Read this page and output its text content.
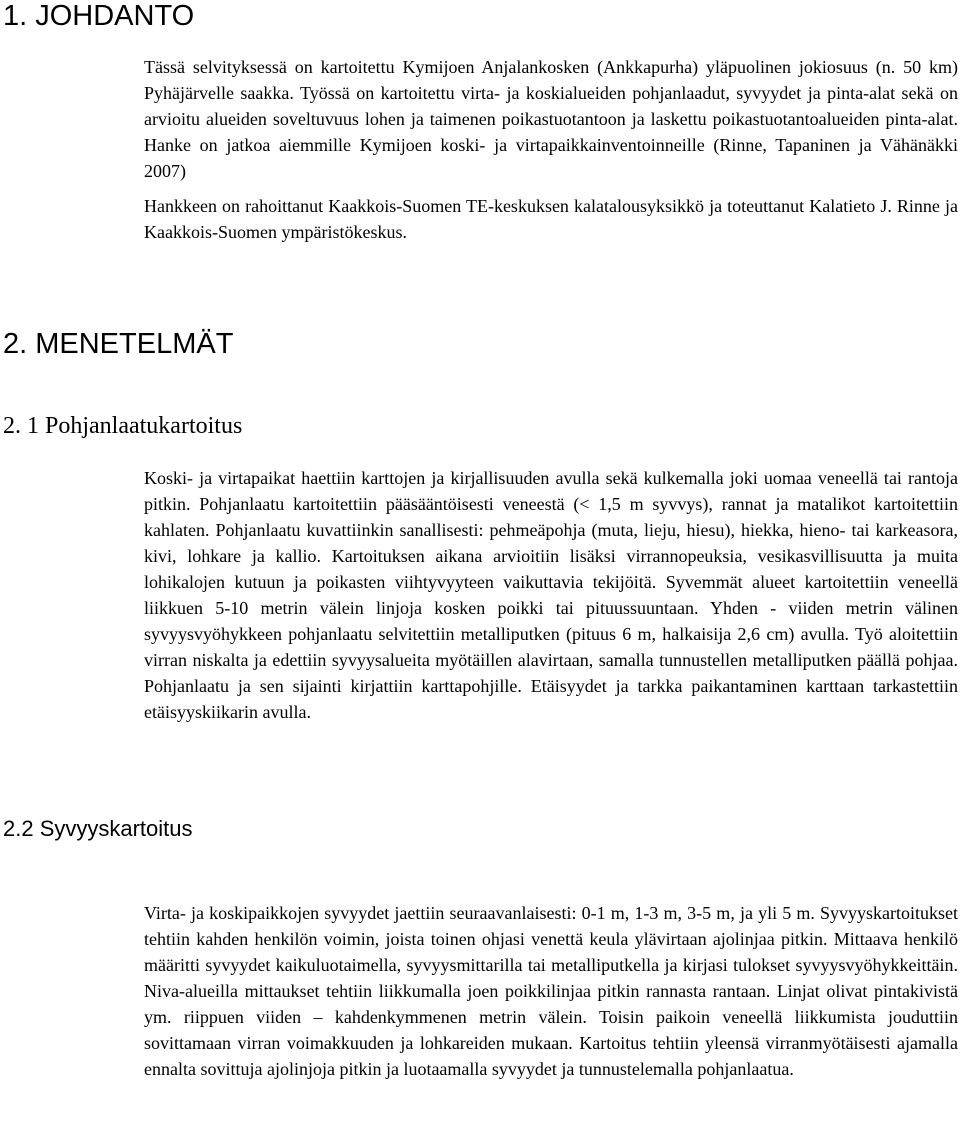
1. JOHDANTO

Tässä selvityksessä on kartoitettu Kymijoen Anjalankosken (Ankkapurha) yläpuolinen jokiosuus (n. 50 km) Pyhäjärvelle saakka. Työssä on kartoitettu virta- ja koskialueiden pohjanlaadut, syvyydet ja pinta-alat sekä on arvioitu alueiden soveltuvuus lohen ja taimenen poikastuotantoon ja laskettu poikastuotantoalueiden pinta-alat. Hanke on jatkoa aiemmille Kymijoen koski- ja virtapaikkainventoinneille (Rinne, Tapaninen ja Vähänäkki 2007)

Hankkeen on rahoittanut Kaakkois-Suomen TE-keskuksen kalatalousyksikkö ja toteuttanut Kalatieto J. Rinne ja Kaakkois-Suomen ympäristökeskus.

2. MENETELMÄT
2. 1 Pohjanlaatukartoitus

Koski- ja virtapaikat haettiin karttojen ja kirjallisuuden avulla sekä kulkemalla joki uomaa veneellä tai rantoja pitkin. Pohjanlaatu kartoitettiin pääsääntöisesti veneestä (< 1,5 m syvvys), rannat ja matalikot kartoitettiin kahlaten. Pohjanlaatu kuvattiinkin sanallisesti: pehmeäpohja (muta, lieju, hiesu), hiekka, hieno- tai karkeasora, kivi, lohkare ja kallio. Kartoituksen aikana arvioitiin lisäksi virrannopeuksia, vesikasvillisuutta ja muita lohikalojen kutuun ja poikasten viihtyvyyteen vaikuttavia tekijöitä. Syvemmät alueet kartoitettiin veneellä liikkuen 5-10 metrin välein linjoja kosken poikki tai pituussuuntaan. Yhden - viiden metrin välinen syvyysvyöhykkeen pohjanlaatu selvitettiin metalliputken (pituus 6 m, halkaisija 2,6 cm) avulla. Työ aloitettiin virran niskalta ja edettiin syvyysalueita myötäillen alavirtaan, samalla tunnustellen metalliputken päällä pohjaa. Pohjanlaatu ja sen sijainti kirjattiin karttapohjille. Etäisyydet ja tarkka paikantaminen karttaan tarkastettiin etäisyyskiikarin avulla.

2.2 Syvyyskartoitus

Virta- ja koskipaikkojen syvyydet jaettiin seuraavanlaisesti: 0-1 m, 1-3 m, 3-5 m, ja yli 5 m. Syvyyskartoitukset tehtiin kahden henkilön voimin, joista toinen ohjasi venettä keula ylävirtaan ajolinjaa pitkin. Mittaava henkilö määritti syvyydet kaikuluotaimella, syvyysmittarilla tai metalliputkella ja kirjasi tulokset syvyysvyöhykkeittäin. Niva-alueilla mittaukset tehtiin liikkumalla joen poikkilinjaa pitkin rannasta rantaan. Linjat olivat pintakivistä ym. riippuen viiden – kahdenkymmenen metrin välein. Toisin paikoin veneellä liikkumista jouduttiin sovittamaan virran voimakkuuden ja lohkareiden mukaan. Kartoitus tehtiin yleensä virranmyötäisesti ajamalla ennalta sovittuja ajolinjoja pitkin ja luotaamalla syvyydet ja tunnustelemalla pohjanlaatua.
